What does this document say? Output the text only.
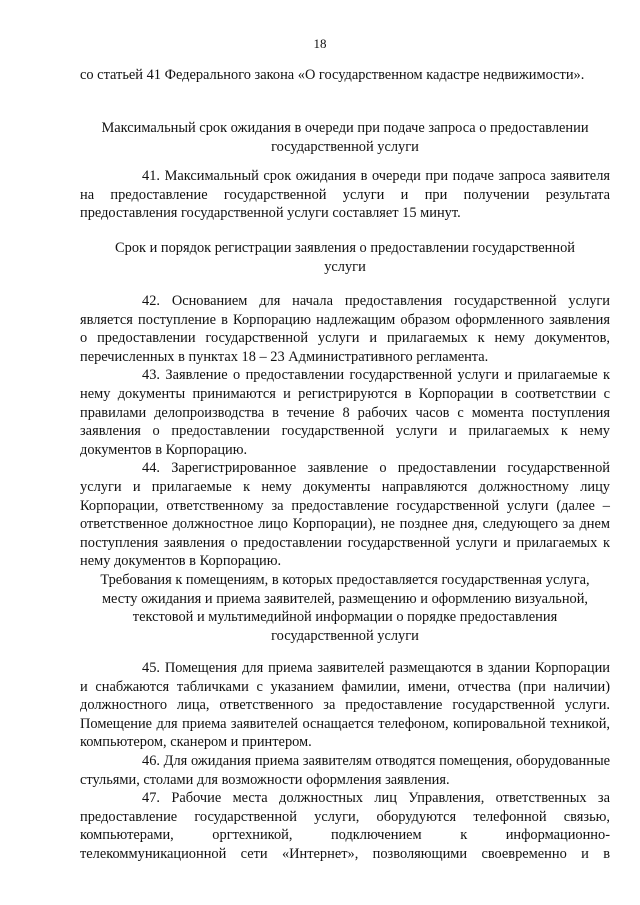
18

со статьей 41 Федерального закона «О государственном кадастре недвижимости».

Максимальный срок ожидания в очереди при подаче запроса о предоставлении государственной услуги

41. Максимальный срок ожидания в очереди при подаче запроса заявителя на предоставление государственной услуги и при получении результата предоставления государственной услуги составляет 15 минут.

Срок и порядок регистрации заявления о предоставлении государственной услуги

42. Основанием для начала предоставления государственной услуги является поступление в Корпорацию надлежащим образом оформленного заявления о предоставлении государственной услуги и прилагаемых к нему документов, перечисленных в пунктах 18 – 23 Административного регламента.

43. Заявление о предоставлении государственной услуги и прилагаемые к нему документы принимаются и регистрируются в Корпорации в соответствии с правилами делопроизводства в течение 8 рабочих часов с момента поступления заявления о предоставлении государственной услуги и прилагаемых к нему документов в Корпорацию.

44. Зарегистрированное заявление о предоставлении государственной услуги и прилагаемые к нему документы направляются должностному лицу Корпорации, ответственному за предоставление государственной услуги (далее – ответственное должностное лицо Корпорации), не позднее дня, следующего за днем поступления заявления о предоставлении государственной услуги и прилагаемых к нему документов в Корпорацию.

Требования к помещениям, в которых предоставляется государственная услуга, месту ожидания и приема заявителей, размещению и оформлению визуальной, текстовой и мультимедийной информации о порядке предоставления государственной услуги

45. Помещения для приема заявителей размещаются в здании Корпорации и снабжаются табличками с указанием фамилии, имени, отчества (при наличии) должностного лица, ответственного за предоставление государственной услуги. Помещение для приема заявителей оснащается телефоном, копировальной техникой, компьютером, сканером и принтером.

46. Для ожидания приема заявителям отводятся помещения, оборудованные стульями, столами для возможности оформления заявления.

47. Рабочие места должностных лиц Управления, ответственных за предоставление государственной услуги, оборудуются телефонной связью, компьютерами, оргтехникой, подключением к информационно-телекоммуникационной сети «Интернет», позволяющими своевременно и в
